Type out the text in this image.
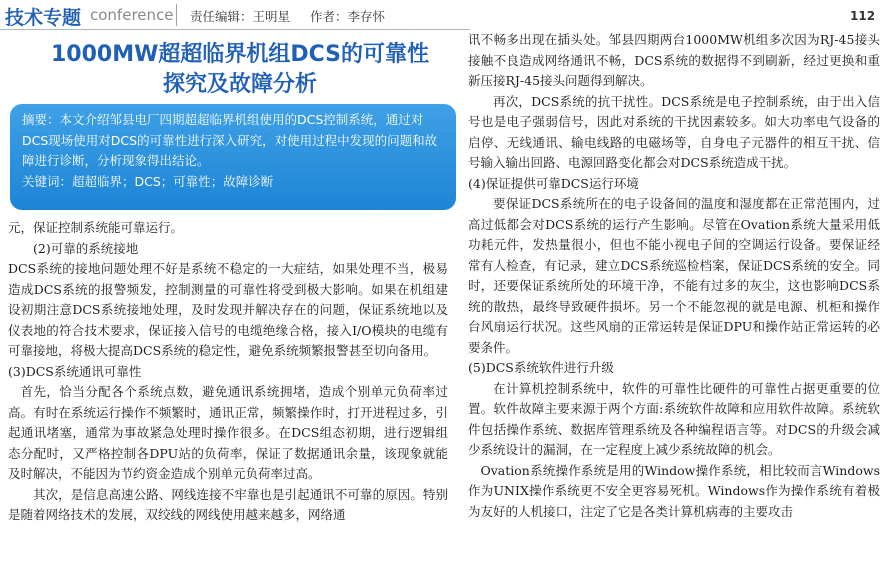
技术专题 conference 责任编辑：王明星 作者：李存怀	112
1000MW超超临界机组DCS的可靠性
探究及故障分析

摘要：本文介绍邹县电厂四期超超临界机组使用的DCS控制系统，通过对DCS现场使用对DCS的可靠性进行深入研究，对使用过程中发现的问题和故障进行诊断，分析现象得出结论。

关键词：超超临界；DCS；可靠性；故障诊断

元，保证控制系统能可靠运行。

(2)可靠的系统接地

DCS系统的接地问题处理不好是系统不稳定的一大症结，如果处理不当，极易造成DCS系统的报警频发，控制测量的可靠性将受到极大影响。如果在机组建设初期注意DCS系统接地处理，及时发现并解决存在的问题，保证系统地以及仪表地的符合技术要求，保证接入信号的电缆绝缘合格，接入I/O模块的电缆有可靠接地，将极大提高DCS系统的稳定性，避免系统频繁报警甚至切向备用。

(3)DCS系统通讯可靠性

首先，恰当分配各个系统点数，避免通讯系统拥堵，造成个别单元负荷率过高。有时在系统运行操作不频繁时，通讯正常，频繁操作时，打开进程过多，引起通讯堵塞，通常为事故紧急处理时操作很多。在DCS组态初期，进行逻辑组态分配时，又严格控制各DPU站的负荷率，保证了数据通讯余量，该现象就能及时解决，不能因为节约资金造成个别单元负荷率过高。

其次，是信息高速公路、网线连接不牢靠也是引起通讯不可靠的原因。特别是随着网络技术的发展，双绞线的网线使用越来越多，网络通

讯不畅多出现在插头处。邹县四期两台1000MW机组多次因为RJ-45接头接触不良造成网络通讯不畅，DCS系统的数据得不到刷新，经过更换和重新压接RJ-45接头问题得到解决。

再次，DCS系统的抗干扰性。DCS系统是电子控制系统，由于出入信号也是电子强弱信号，因此对系统的干扰因素较多。如大功率电气设备的启停、无线通讯、输电线路的电磁场等，自身电子元器件的相互干扰、信号输入输出回路、电源回路变化都会对DCS系统造成干扰。

(4)保证提供可靠DCS运行环境

要保证DCS系统所在的电子设备间的温度和湿度都在正常范围内，过高过低都会对DCS系统的运行产生影响。尽管在Ovation系统大量采用低功耗元件，发热量很小，但也不能小视电子间的空调运行设备。要保证经常有人检查，有记录，建立DCS系统巡检档案，保证DCS系统的安全。同时，还要保证系统所处的环境干净，不能有过多的灰尘，这也影响DCS系统的散热，最终导致硬件损坏。另一个不能忽视的就是电源、机柜和操作台风扇运行状况。这些风扇的正常运转是保证DPU和操作站正常运转的必要条件。

(5)DCS系统软件进行升级

在计算机控制系统中，软件的可靠性比硬件的可靠性占据更重要的位置。软件故障主要来源于两个方面:系统软件故障和应用软件故障。系统软件包括操作系统、数据库管理系统及各种编程语言等。对DCS的升级会减少系统设计的漏洞，在一定程度上减少系统故障的机会。

Ovation系统操作系统是用的Window操作系统，相比较而言Windows作为UNIX操作系统更不安全更容易死机。Windows作为操作系统有着极为友好的人机接口，注定了它是各类计算机病毒的主要攻击
